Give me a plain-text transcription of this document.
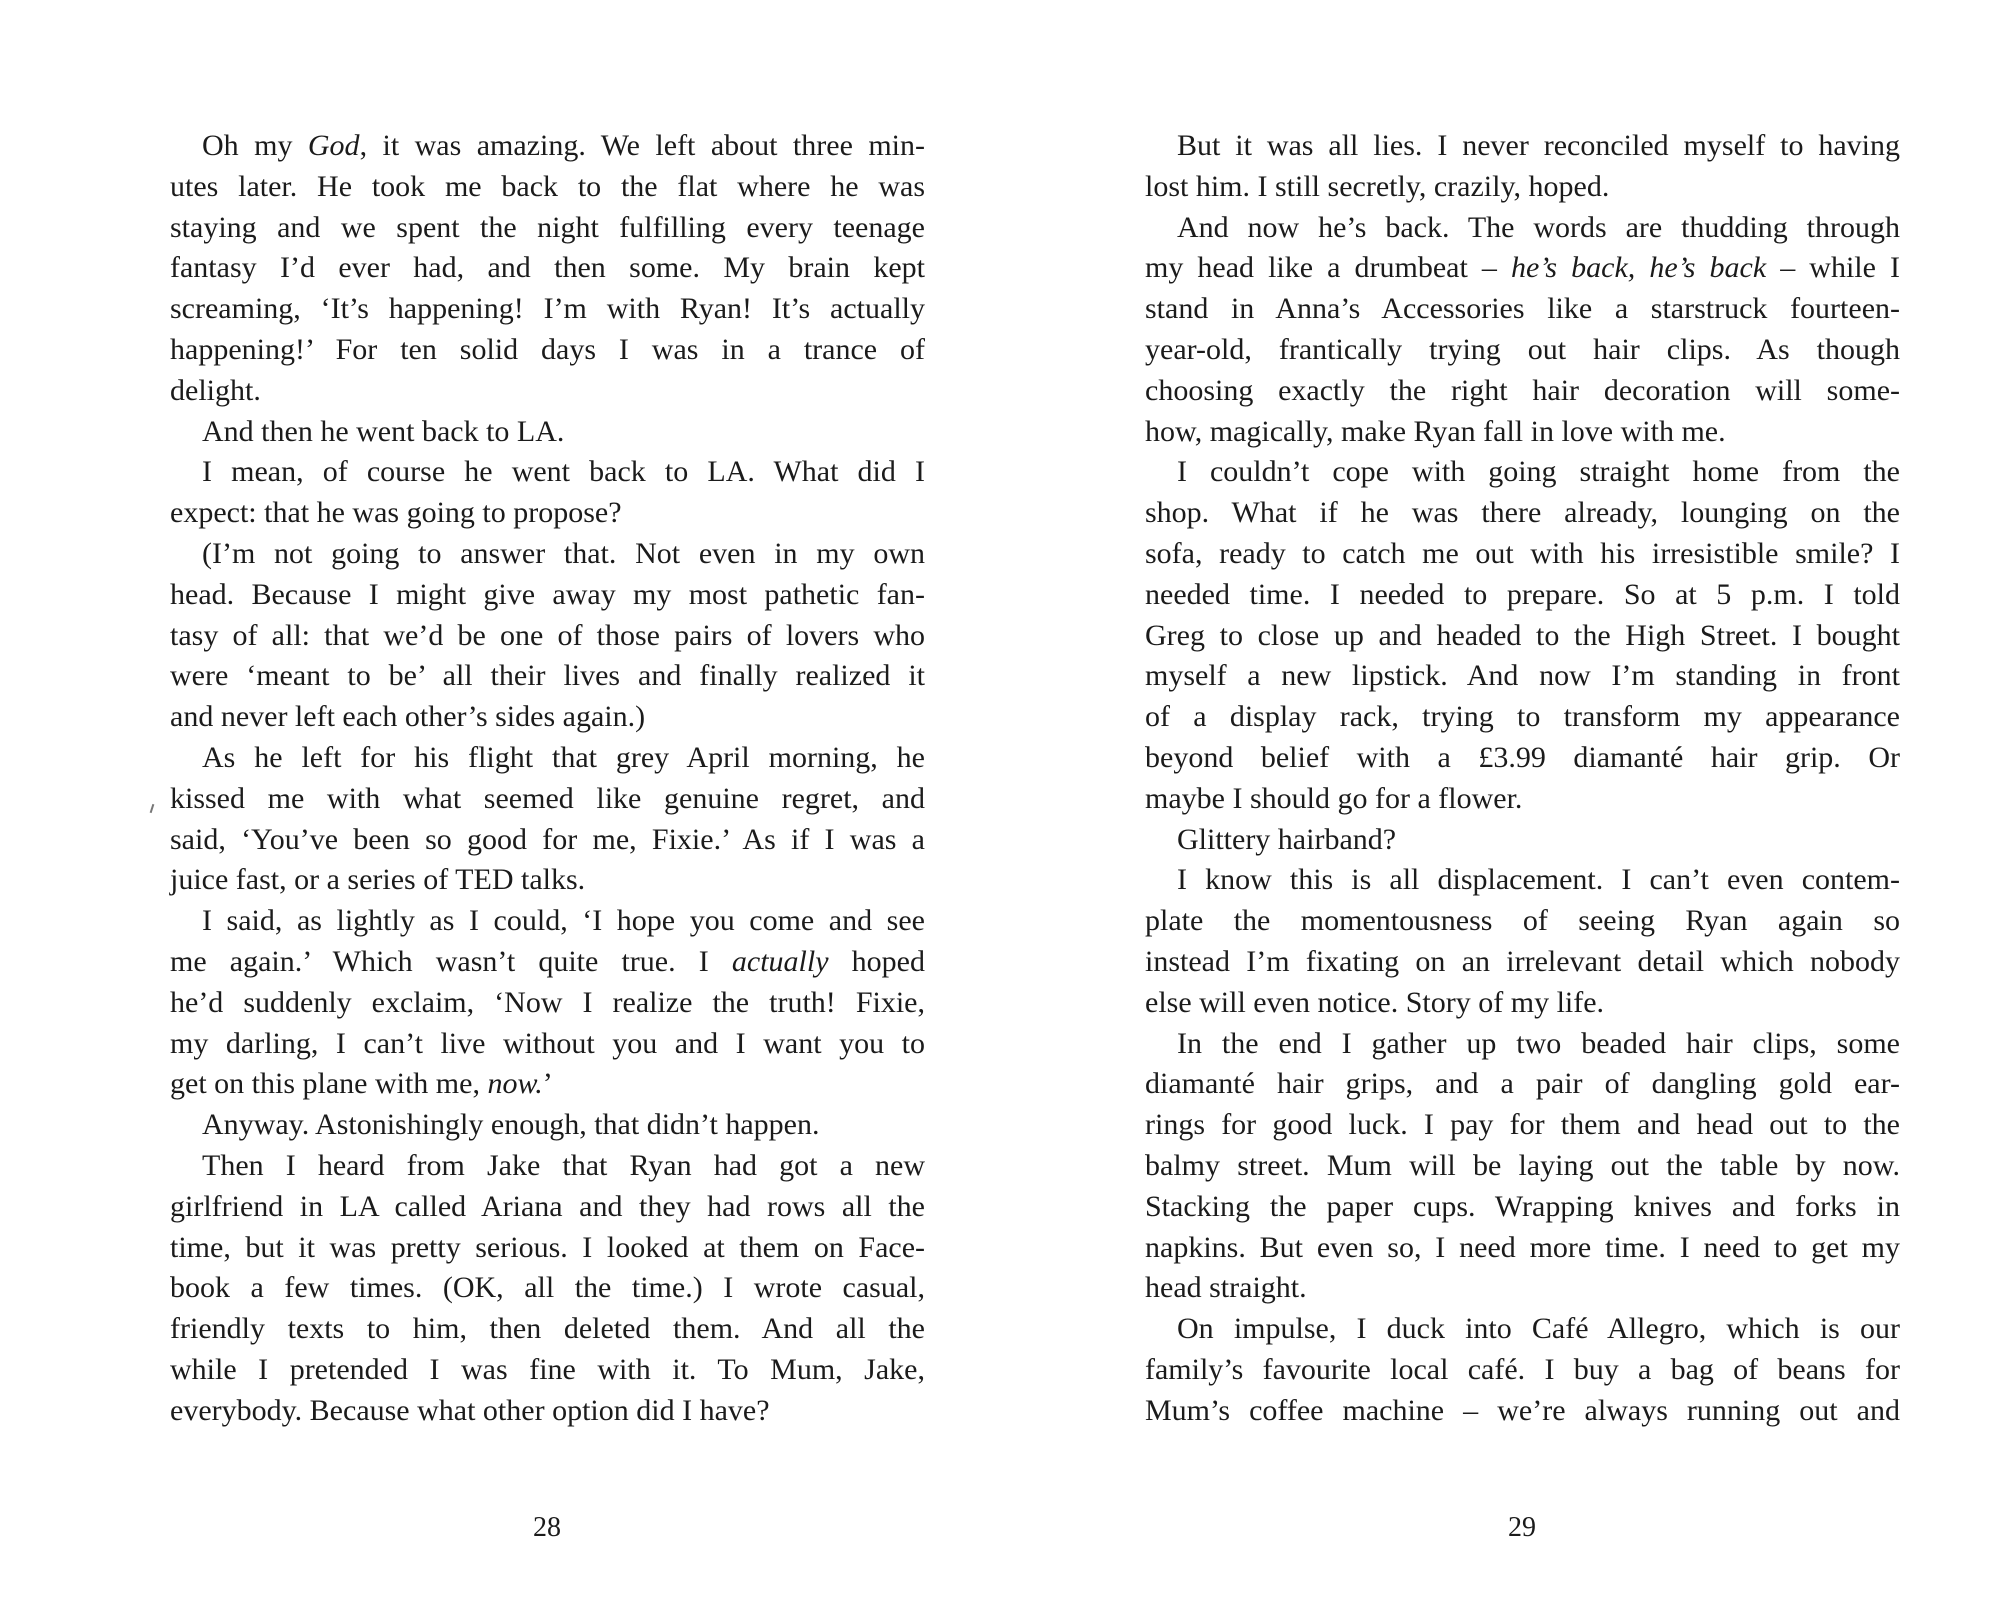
Oh my God, it was amazing. We left about three min-
utes later. He took me back to the flat where he was
staying and we spent the night fulfilling every teenage
fantasy I’d ever had, and then some. My brain kept
screaming, ‘It’s happening! I’m with Ryan! It’s actually
happening!’ For ten solid days I was in a trance of
delight.
And then he went back to LA.
I mean, of course he went back to LA. What did I
expect: that he was going to propose?
(I’m not going to answer that. Not even in my own
head. Because I might give away my most pathetic fan-
tasy of all: that we’d be one of those pairs of lovers who
were ‘meant to be’ all their lives and finally realized it
and never left each other’s sides again.)
As he left for his flight that grey April morning, he
kissed me with what seemed like genuine regret, and
said, ‘You’ve been so good for me, Fixie.’ As if I was a
juice fast, or a series of TED talks.
I said, as lightly as I could, ‘I hope you come and see
me again.’ Which wasn’t quite true. I actually hoped
he’d suddenly exclaim, ‘Now I realize the truth! Fixie,
my darling, I can’t live without you and I want you to
get on this plane with me, now.’
Anyway. Astonishingly enough, that didn’t happen.
Then I heard from Jake that Ryan had got a new
girlfriend in LA called Ariana and they had rows all the
time, but it was pretty serious. I looked at them on Face-
book a few times. (OK, all the time.) I wrote casual,
friendly texts to him, then deleted them. And all the
while I pretended I was fine with it. To Mum, Jake,
everybody. Because what other option did I have?
28
But it was all lies. I never reconciled myself to having
lost him. I still secretly, crazily, hoped.
And now he’s back. The words are thudding through
my head like a drumbeat – he’s back, he’s back – while I
stand in Anna’s Accessories like a starstruck fourteen-
year-old, frantically trying out hair clips. As though
choosing exactly the right hair decoration will some-
how, magically, make Ryan fall in love with me.
I couldn’t cope with going straight home from the
shop. What if he was there already, lounging on the
sofa, ready to catch me out with his irresistible smile? I
needed time. I needed to prepare. So at 5 p.m. I told
Greg to close up and headed to the High Street. I bought
myself a new lipstick. And now I’m standing in front
of a display rack, trying to transform my appearance
beyond belief with a £3.99 diamanté hair grip. Or
maybe I should go for a flower.
Glittery hairband?
I know this is all displacement. I can’t even contem-
plate the momentousness of seeing Ryan again so
instead I’m fixating on an irrelevant detail which nobody
else will even notice. Story of my life.
In the end I gather up two beaded hair clips, some
diamanté hair grips, and a pair of dangling gold ear-
rings for good luck. I pay for them and head out to the
balmy street. Mum will be laying out the table by now.
Stacking the paper cups. Wrapping knives and forks in
napkins. But even so, I need more time. I need to get my
head straight.
On impulse, I duck into Café Allegro, which is our
family’s favourite local café. I buy a bag of beans for
Mum’s coffee machine – we’re always running out and
29
